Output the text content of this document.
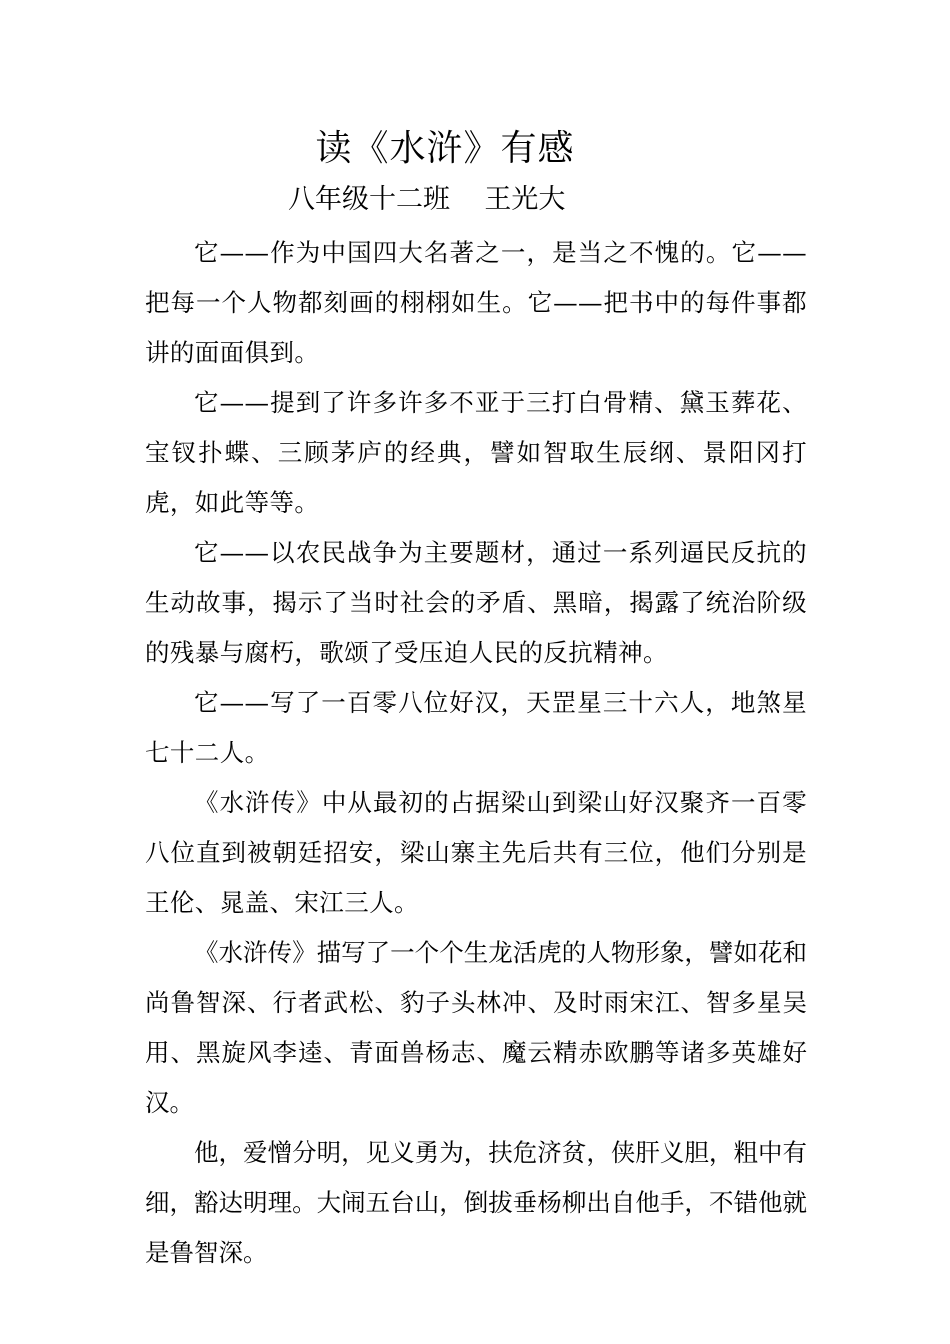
读《水浒》有感

八年级十二班    王光大

它——作为中国四大名著之一，是当之不愧的。它——把每一个人物都刻画的栩栩如生。它——把书中的每件事都讲的面面俱到。

它——提到了许多许多不亚于三打白骨精、黛玉葬花、宝钗扑蝶、三顾茅庐的经典，譬如智取生辰纲、景阳冈打虎，如此等等。

它——以农民战争为主要题材，通过一系列逼民反抗的生动故事，揭示了当时社会的矛盾、黑暗，揭露了统治阶级的残暴与腐朽，歌颂了受压迫人民的反抗精神。

它——写了一百零八位好汉，天罡星三十六人，地煞星七十二人。

《水浒传》中从最初的占据梁山到梁山好汉聚齐一百零八位直到被朝廷招安，梁山寨主先后共有三位，他们分别是王伦、晁盖、宋江三人。

《水浒传》描写了一个个生龙活虎的人物形象，譬如花和尚鲁智深、行者武松、豹子头林冲、及时雨宋江、智多星吴用、黑旋风李逵、青面兽杨志、魔云精赤欧鹏等诸多英雄好汉。

他，爱憎分明，见义勇为，扶危济贫，侠肝义胆，粗中有细，豁达明理。大闹五台山，倒拔垂杨柳出自他手，不错他就是鲁智深。
